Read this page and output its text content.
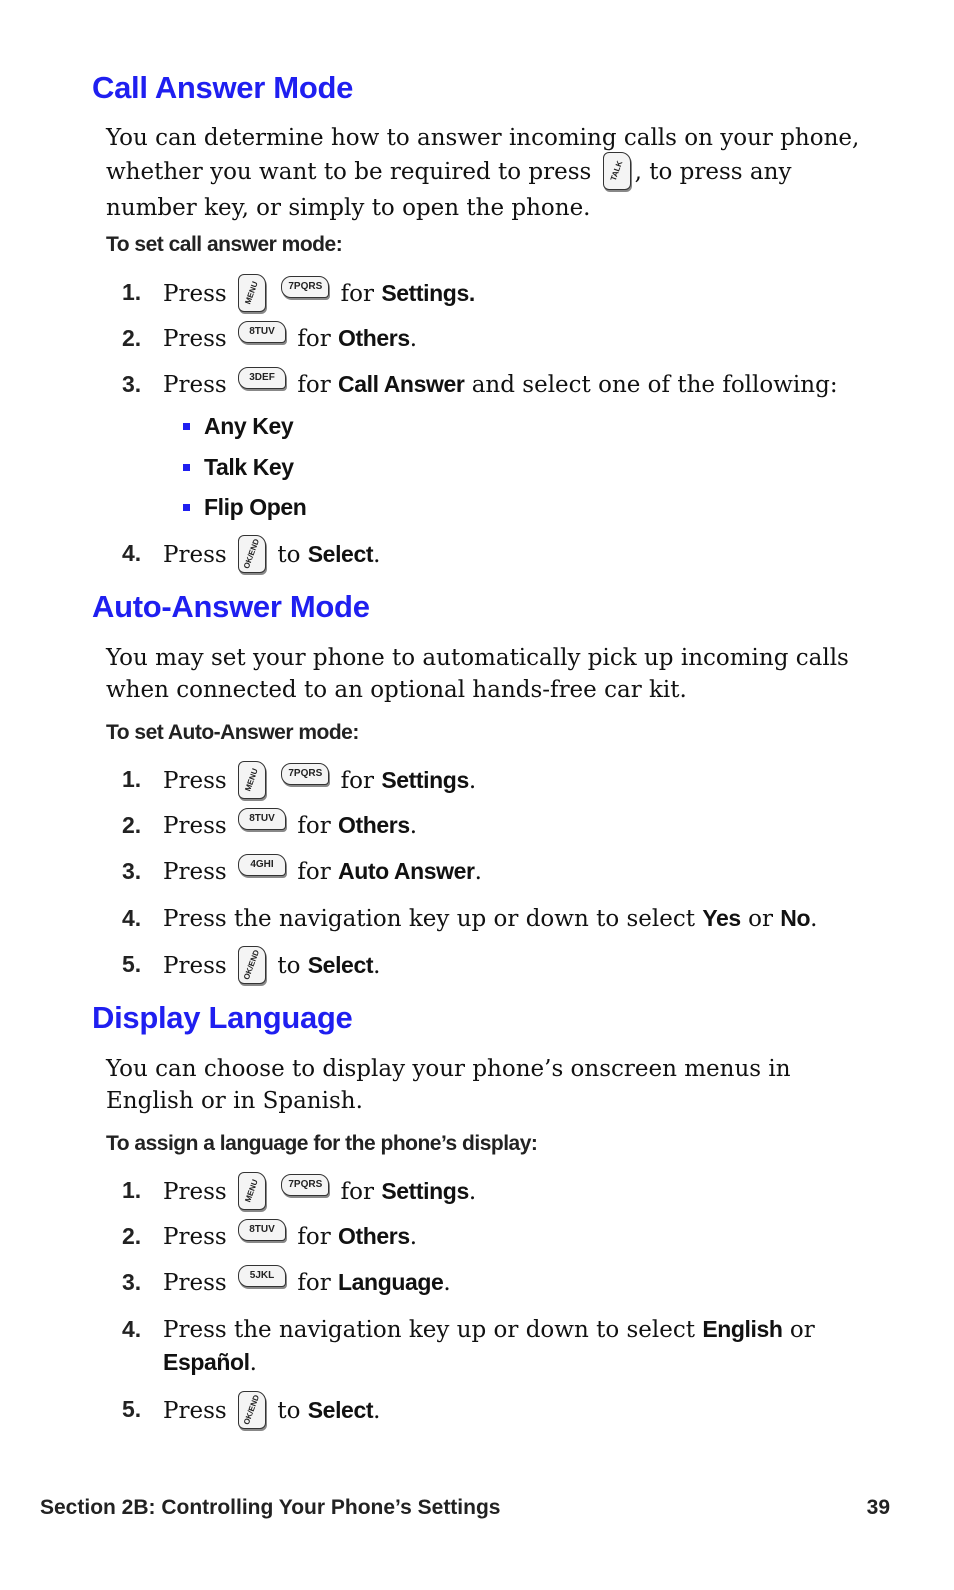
Call Answer Mode

You can determine how to answer incoming calls on your phone, whether you want to be required to press	TALK , to press any number key, or simply to open the phone.

To set call answer mode:
1. Press	MENU
	7PQRS for Settings.
2. Press	8TUV for Others.
3. Press	3DEF for Call Answer and select one of the following:
Any Key
Talk Key
Flip Open
4. Press	OK/END to Select.
Auto-Answer Mode

You may set your phone to automatically pick up incoming calls when connected to an optional hands-free car kit.

To set Auto-Answer mode:
1. Press	MENU
	7PQRS for Settings.
2. Press	8TUV for Others.
3. Press	4GHI	for Auto Answer.
4. Press the navigation key up or down to select Yes or No.
5. Press	OK/END to Select.
Display Language

You can choose to display your phone’s onscreen menus in English or in Spanish.

To assign a language for the phone’s display:
1. Press	MENU
	7PQRS for Settings.
2. Press	8TUV for Others.
3. Press	5JKL	for Language.
4. Press the navigation key up or down to select English or
Español.
5. Press	OK/END to Select.
Section 2B: Controlling Your Phone’s Settings	39
